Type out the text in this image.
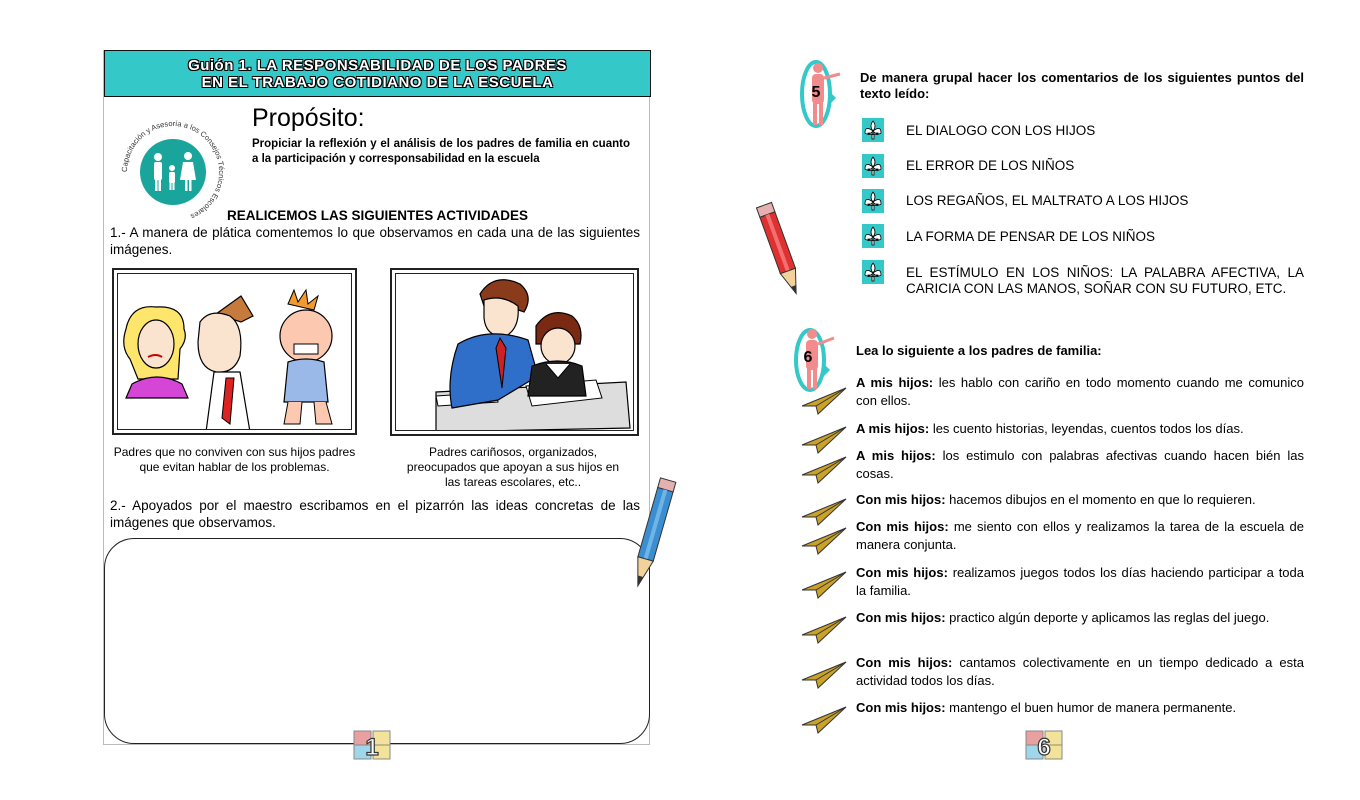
Guión 1. LA RESPONSABILIDAD DE LOS PADRES
EN EL TRABAJO COTIDIANO DE LA ESCUELA
Capacitación y Asesoría a los Consejos Técnicos Escolares
Propósito:
Propiciar la reflexión y el análisis de los padres de familia en cuanto a la participación y corresponsabilidad en la escuela
REALICEMOS LAS SIGUIENTES ACTIVIDADES
1.- A manera de plática comentemos lo que observamos en cada una de las siguientes imágenes.
Padres que no conviven con sus hijos padres que evitan hablar de los problemas.
Padres cariñosos, organizados, preocupados que apoyan a sus hijos en las tareas escolares, etc..
2.- Apoyados por el maestro escribamos en el pizarrón las ideas concretas de las imágenes que observamos.
1
5
De manera grupal hacer los comentarios de los siguientes puntos del texto leído:
EL DIALOGO CON LOS HIJOS
EL ERROR DE LOS NIÑOS
LOS REGAÑOS, EL MALTRATO A LOS HIJOS
LA FORMA DE PENSAR DE LOS NIÑOS
EL ESTÍMULO EN LOS NIÑOS: LA PALABRA AFECTIVA, LA CARICIA CON LAS MANOS, SOÑAR CON SU FUTURO, ETC.
6	Lea lo siguiente a los padres de familia:
A mis hijos: les hablo con cariño en todo momento cuando me comunico con ellos.
A mis hijos: les cuento historias, leyendas, cuentos todos los días.
A mis hijos: los estimulo con palabras afectivas cuando hacen bién las cosas.
Con mis hijos: hacemos dibujos en el momento en que lo requieren.
Con mis hijos: me siento con ellos y realizamos la tarea de la escuela de manera conjunta.
Con mis hijos: realizamos juegos todos los días haciendo participar a toda la familia.
Con mis hijos: practico algún deporte y aplicamos las reglas del juego.
Con mis hijos: cantamos colectivamente en un tiempo dedicado a esta actividad todos los días.
Con mis hijos: mantengo el buen humor de manera permanente.
6
